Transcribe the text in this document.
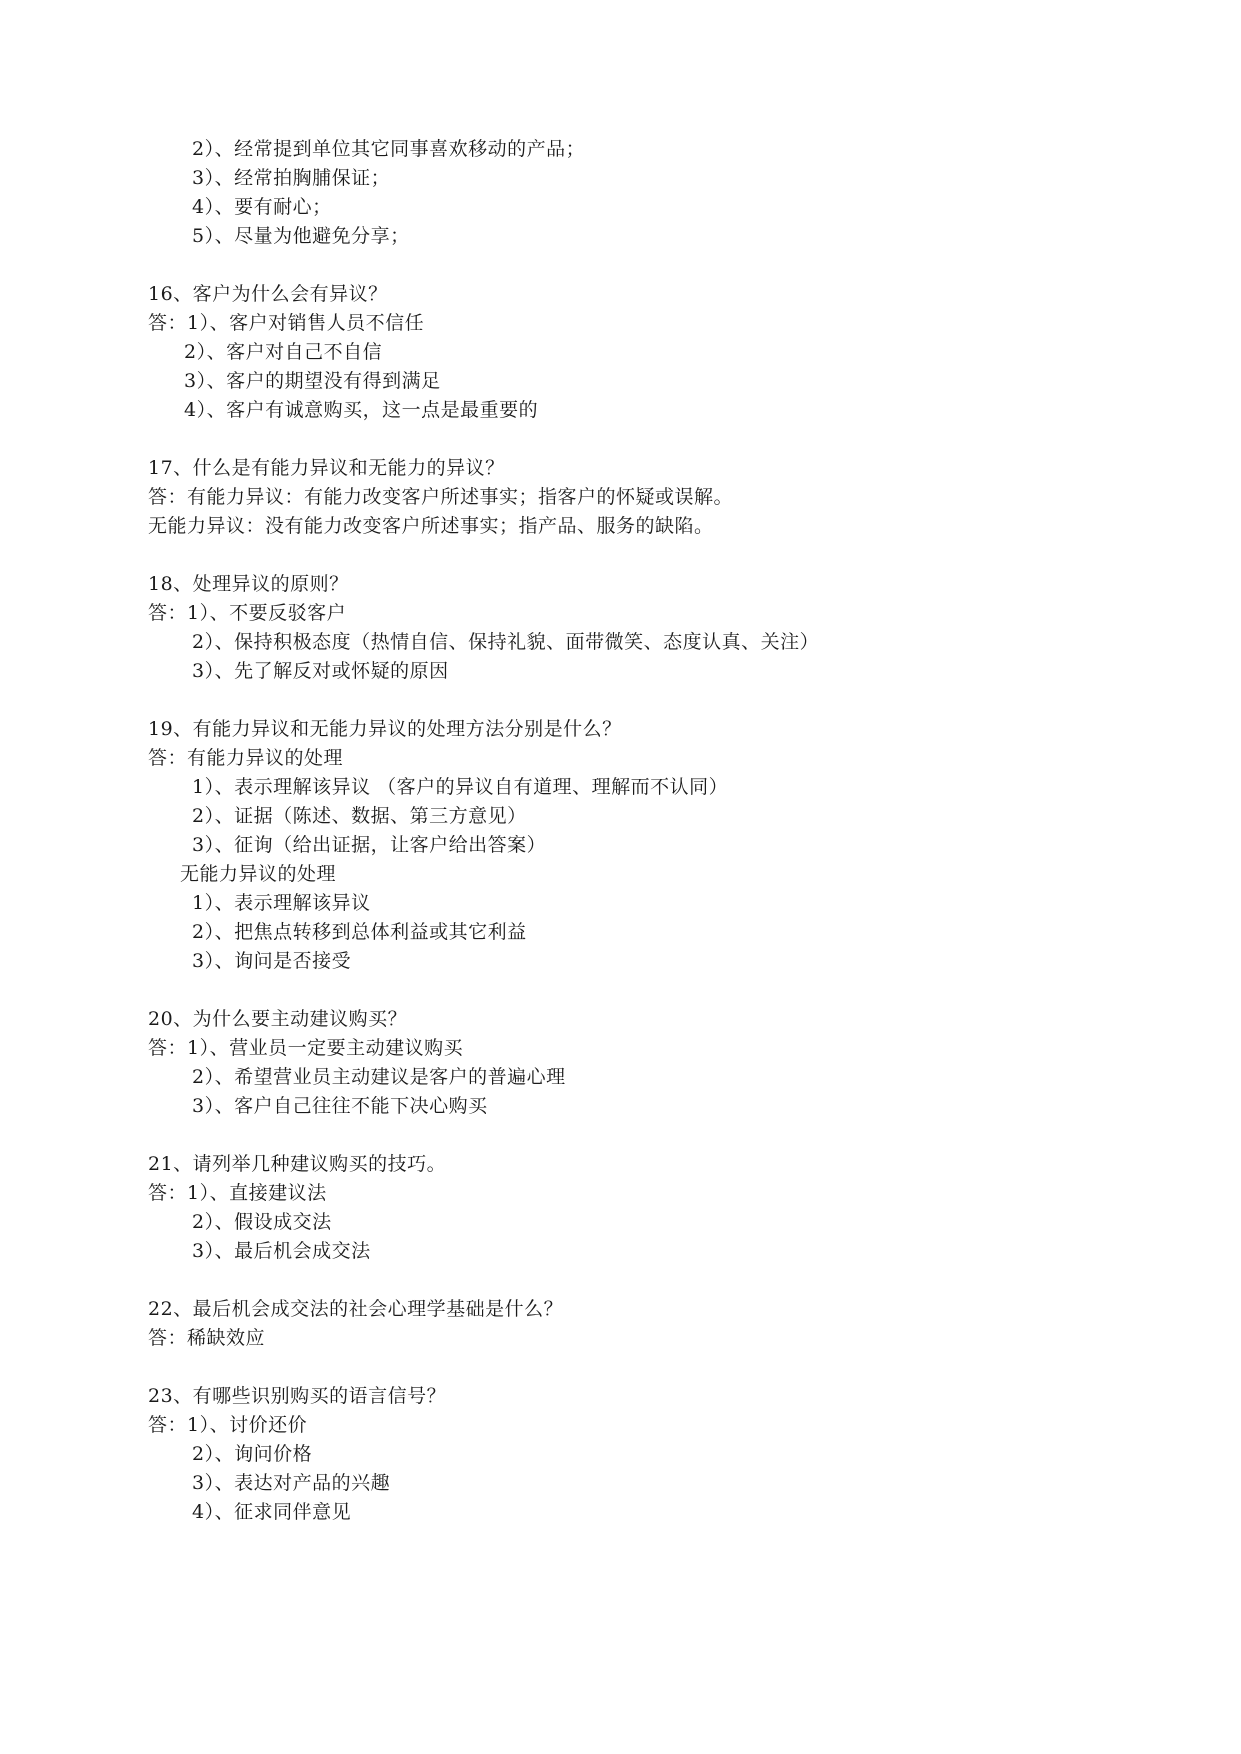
2）、经常提到单位其它同事喜欢移动的产品；
3）、经常拍胸脯保证；
4）、要有耐心；
5）、尽量为他避免分享；
16、客户为什么会有异议？
答：1）、客户对销售人员不信任
2）、客户对自己不自信
3）、客户的期望没有得到满足
4）、客户有诚意购买，这一点是最重要的
17、什么是有能力异议和无能力的异议？
答：有能力异议：有能力改变客户所述事实；指客户的怀疑或误解。
无能力异议：没有能力改变客户所述事实；指产品、服务的缺陷。
18、处理异议的原则？
答：1）、不要反驳客户
2）、保持积极态度（热情自信、保持礼貌、面带微笑、态度认真、关注）
3）、先了解反对或怀疑的原因
19、有能力异议和无能力异议的处理方法分别是什么？
答：有能力异议的处理
1）、表示理解该异议 （客户的异议自有道理、理解而不认同）
2）、证据（陈述、数据、第三方意见）
3）、征询（给出证据，让客户给出答案）
无能力异议的处理
1）、表示理解该异议
2）、把焦点转移到总体利益或其它利益
3）、询问是否接受
20、为什么要主动建议购买？
答：1）、营业员一定要主动建议购买
2）、希望营业员主动建议是客户的普遍心理
3）、客户自己往往不能下决心购买
21、请列举几种建议购买的技巧。
答：1）、直接建议法
2）、假设成交法
3）、最后机会成交法
22、最后机会成交法的社会心理学基础是什么？
答：稀缺效应
23、有哪些识别购买的语言信号？
答：1）、讨价还价
2）、询问价格
3）、表达对产品的兴趣
4）、征求同伴意见
